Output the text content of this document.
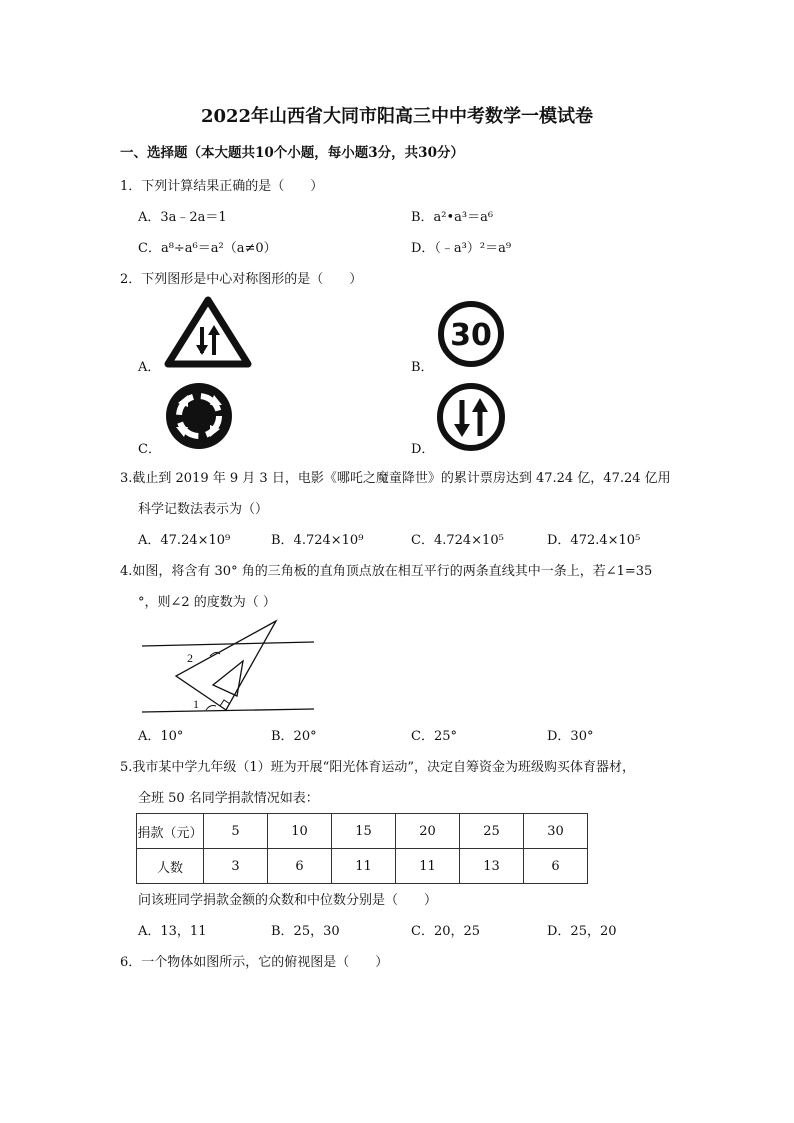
2022年山西省大同市阳高三中中考数学一模试卷
一、选择题（本大题共10个小题，每小题3分，共30分）
1．下列计算结果正确的是（　　）
A．3a﹣2a＝1	B．a²•a³＝a⁶
C．a⁸÷a⁶＝a²（a≠0）	D．（﹣a³）²＝a⁹
2．下列图形是中心对称图形的是（　　）
A．	B．
30
C．	D．
3.截止到 2019 年 9 月 3 日，电影《哪吒之魔童降世》的累计票房达到 47.24 亿，47.24 亿用
科学记数法表示为（）
A．47.24×10⁹	B．4.724×10⁹	C．4.724×10⁵	D．472.4×10⁵
4.如图，将含有 30° 角的三角板的直角顶点放在相互平行的两条直线其中一条上，若∠1=35
°，则∠2 的度数为（ ）
2
1
A．10°	B．20°	C．25°	D．30°
5.我市某中学九年级（1）班为开展“阳光体育运动”，决定自筹资金为班级购买体育器材，
全班 50 名同学捐款情况如表：
捐款（元）	5	10	15	20	25	30
人数	3	6	11	11	13	6
问该班同学捐款金额的众数和中位数分别是（　　）
A．13，11	B．25，30	C．20，25	D．25，20
6．一个物体如图所示，它的俯视图是（　　）
